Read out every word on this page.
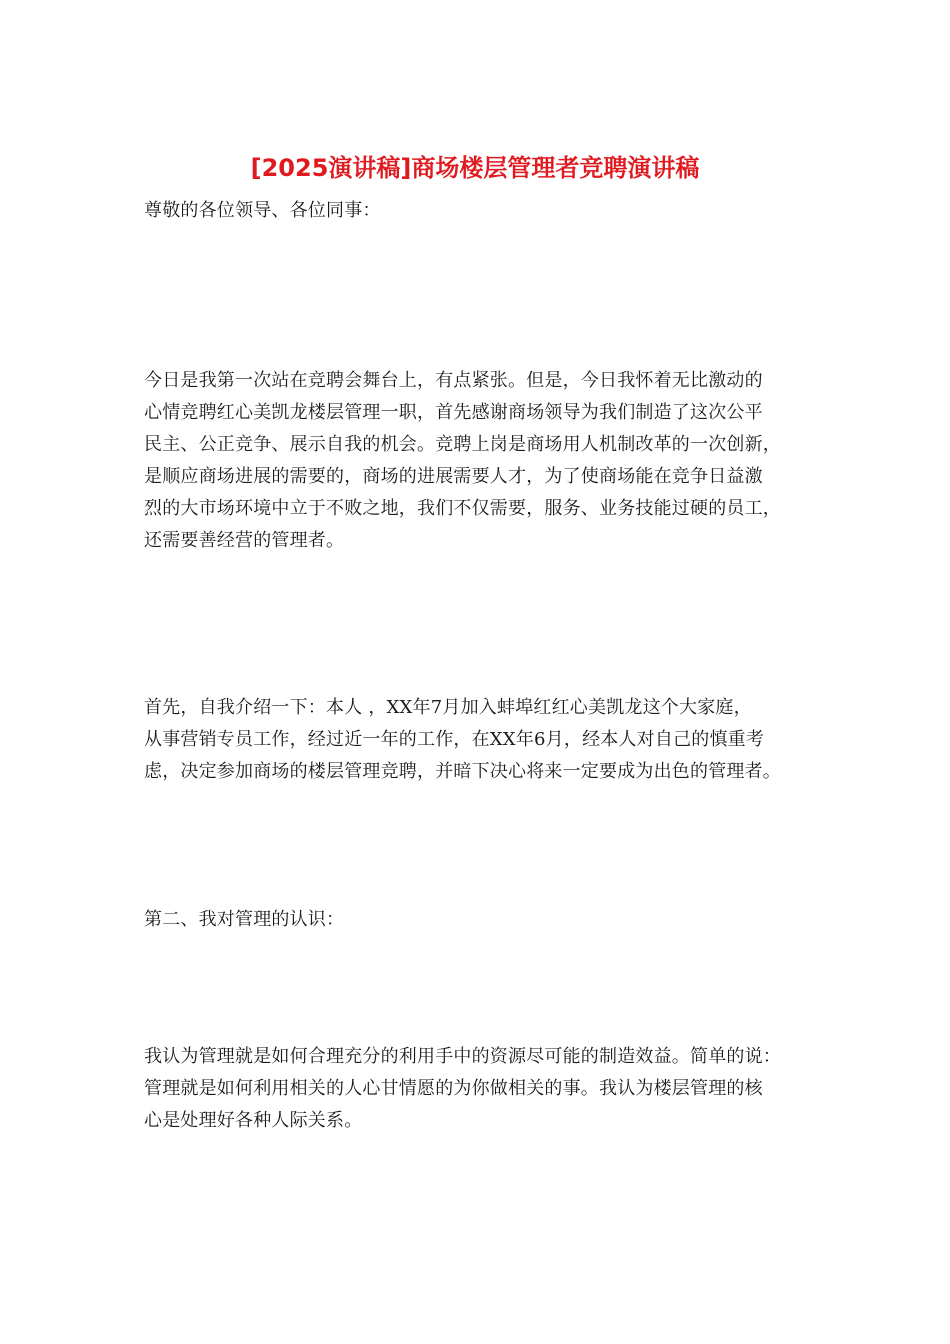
[2025演讲稿]商场楼层管理者竞聘演讲稿

尊敬的各位领导、各位同事：

今日是我第一次站在竞聘会舞台上，有点紧张。但是，今日我怀着无比激动的
心情竞聘红心美凯龙楼层管理一职，首先感谢商场领导为我们制造了这次公平
民主、公正竞争、展示自我的机会。竞聘上岗是商场用人机制改革的一次创新，
是顺应商场进展的需要的，商场的进展需要人才，为了使商场能在竞争日益激
烈的大市场环境中立于不败之地，我们不仅需要，服务、业务技能过硬的员工，
还需要善经营的管理者。

首先，自我介绍一下：本人 ，XX年7月加入蚌埠红红心美凯龙这个大家庭，
从事营销专员工作，经过近一年的工作，在XX年6月，经本人对自己的慎重考
虑，决定参加商场的楼层管理竞聘，并暗下决心将来一定要成为出色的管理者。

第二、我对管理的认识：

我认为管理就是如何合理充分的利用手中的资源尽可能的制造效益。简单的说：
管理就是如何利用相关的人心甘情愿的为你做相关的事。我认为楼层管理的核
心是处理好各种人际关系。
